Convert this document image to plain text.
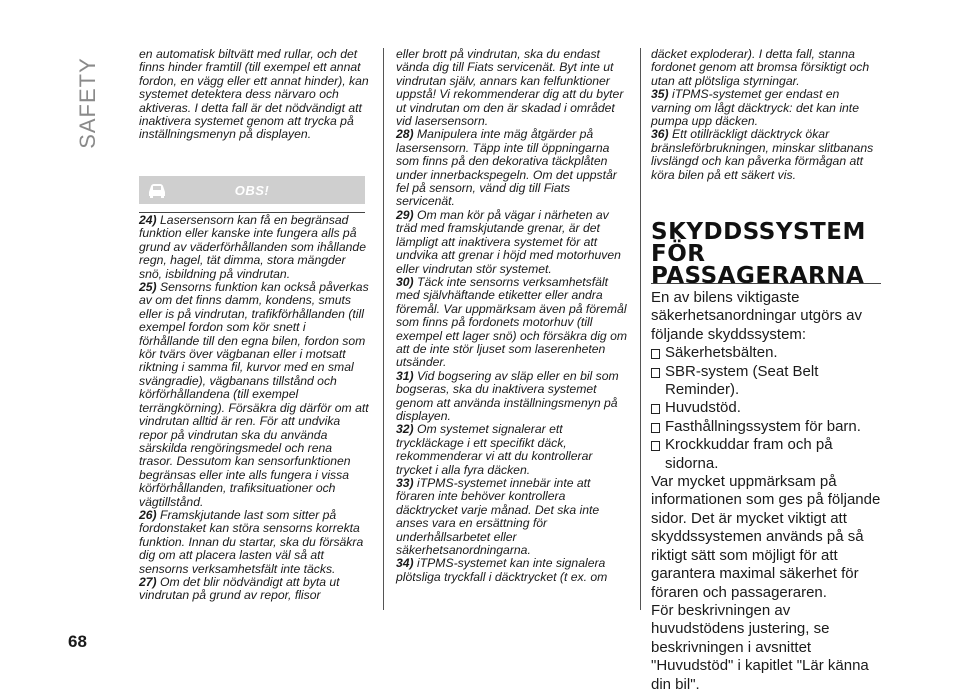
SAFETY
68

en automatisk biltvätt med rullar, och det finns hinder framtill (till exempel ett annat fordon, en vägg eller ett annat hinder), kan systemet detektera dess närvaro och aktiveras. I detta fall är det nödvändigt att inaktivera systemet genom att trycka på inställningsmenyn på displayen.

OBS!

24) Lasersensorn kan få en begränsad funktion eller kanske inte fungera alls på grund av väderförhållanden som ihållande regn, hagel, tät dimma, stora mängder snö, isbildning på vindrutan.

25) Sensorns funktion kan också påverkas av om det finns damm, kondens, smuts eller is på vindrutan, trafikförhållanden (till exempel fordon som kör snett i förhållande till den egna bilen, fordon som kör tvärs över vägbanan eller i motsatt riktning i samma fil, kurvor med en smal svängradie), vägbanans tillstånd och körförhållandena (till exempel terrängkörning). Försäkra dig därför om att vindrutan alltid är ren. För att undvika repor på vindrutan ska du använda särskilda rengöringsmedel och rena trasor. Dessutom kan sensorfunktionen begränsas eller inte alls fungera i vissa körförhållanden, trafiksituationer och vägtillstånd.

26) Framskjutande last som sitter på fordonstaket kan störa sensorns korrekta funktion. Innan du startar, ska du försäkra dig om att placera lasten väl så att sensorns verksamhetsfält inte täcks.

27) Om det blir nödvändigt att byta ut vindrutan på grund av repor, flisor

eller brott på vindrutan, ska du endast vända dig till Fiats servicenät. Byt inte ut vindrutan själv, annars kan felfunktioner uppstå! Vi rekommenderar dig att du byter ut vindrutan om den är skadad i området vid lasersensorn.

28) Manipulera inte mäg åtgärder på lasersensorn. Täpp inte till öppningarna som finns på den dekorativa täckplåten under innerbackspegeln. Om det uppstår fel på sensorn, vänd dig till Fiats servicenät.

29) Om man kör på vägar i närheten av träd med framskjutande grenar, är det lämpligt att inaktivera systemet för att undvika att grenar i höjd med motorhuven eller vindrutan stör systemet.

30) Täck inte sensorns verksamhetsfält med självhäftande etiketter eller andra föremål. Var uppmärksam även på föremål som finns på fordonets motorhuv (till exempel ett lager snö) och försäkra dig om att de inte stör ljuset som laserenheten utsänder.

31) Vid bogsering av släp eller en bil som bogseras, ska du inaktivera systemet genom att använda inställningsmenyn på displayen.

32) Om systemet signalerar ett tryckläckage i ett specifikt däck, rekommenderar vi att du kontrollerar trycket i alla fyra däcken.

33) iTPMS-systemet innebär inte att föraren inte behöver kontrollera däcktrycket varje månad. Det ska inte anses vara en ersättning för underhållsarbetet eller säkerhetsanordningarna.

34) iTPMS-systemet kan inte signalera plötsliga tryckfall i däcktrycket (t ex. om

däcket exploderar). I detta fall, stanna fordonet genom att bromsa försiktigt och utan att plötsliga styrningar.

35) iTPMS-systemet ger endast en varning om lågt däcktryck: det kan inte pumpa upp däcken.

36) Ett otillräckligt däcktryck ökar bränsleförbrukningen, minskar slitbanans livslängd och kan påverka förmågan att köra bilen på ett säkert vis.

SKYDDSSYSTEM
FÖR
PASSAGERARNA

En av bilens viktigaste säkerhetsanordningar utgörs av följande skyddssystem:

Säkerhetsbälten.
SBR-system (Seat Belt Reminder).
Huvudstöd.
Fasthållningssystem för barn.
Krockkuddar fram och på sidorna.

Var mycket uppmärksam på informationen som ges på följande sidor. Det är mycket viktigt att skyddssystemen används på så riktigt sätt som möjligt för att garantera maximal säkerhet för föraren och passageraren.

För beskrivningen av huvudstödens justering, se beskrivningen i avsnittet "Huvudstöd" i kapitlet "Lär känna din bil".
